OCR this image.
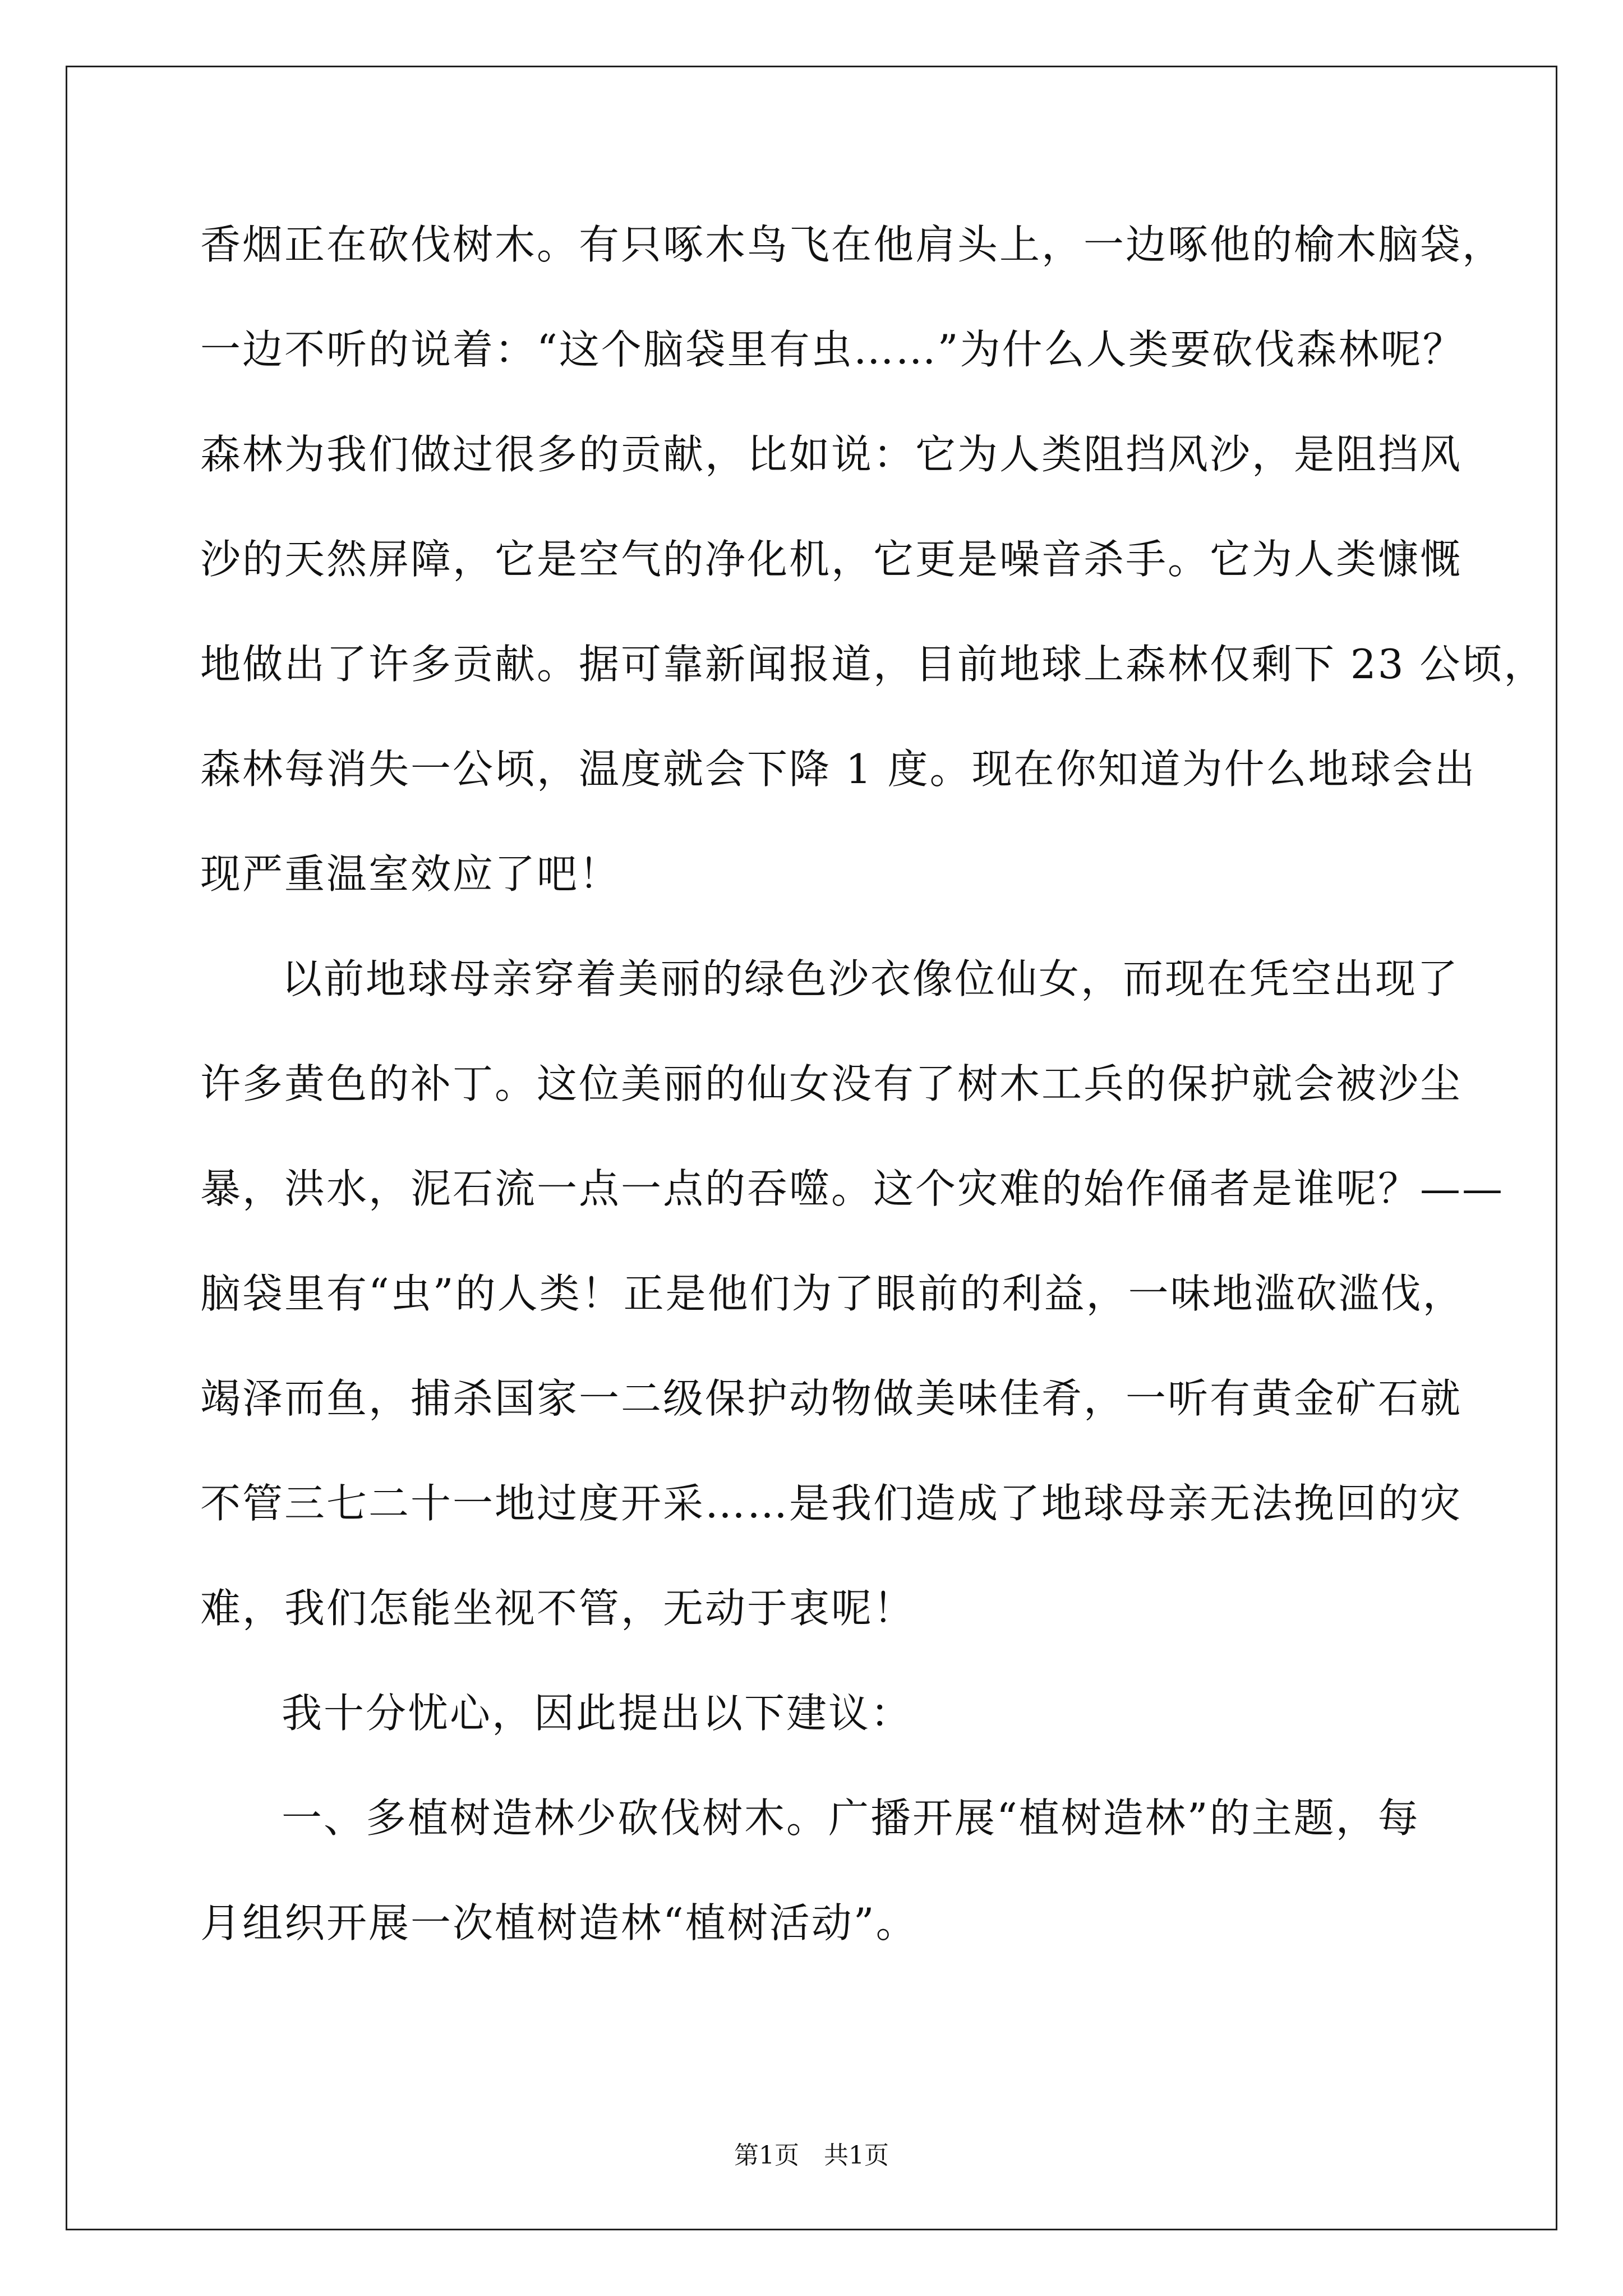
香烟正在砍伐树木。有只啄木鸟飞在他肩头上，一边啄他的榆木脑袋，
一边不听的说着：“这个脑袋里有虫……”为什么人类要砍伐森林呢？
森林为我们做过很多的贡献，比如说：它为人类阻挡风沙，是阻挡风
沙的天然屏障，它是空气的净化机，它更是噪音杀手。它为人类慷慨
地做出了许多贡献。据可靠新闻报道，目前地球上森林仅剩下 23 公顷，
森林每消失一公顷，温度就会下降 1 度。现在你知道为什么地球会出
现严重温室效应了吧！
以前地球母亲穿着美丽的绿色沙衣像位仙女，而现在凭空出现了
许多黄色的补丁。这位美丽的仙女没有了树木工兵的保护就会被沙尘
暴，洪水，泥石流一点一点的吞噬。这个灾难的始作俑者是谁呢？——
脑袋里有“虫”的人类！正是他们为了眼前的利益，一味地滥砍滥伐，
竭泽而鱼，捕杀国家一二级保护动物做美味佳肴，一听有黄金矿石就
不管三七二十一地过度开采……是我们造成了地球母亲无法挽回的灾
难，我们怎能坐视不管，无动于衷呢！
我十分忧心，因此提出以下建议：
一、多植树造林少砍伐树木。广播开展“植树造林”的主题，每
月组织开展一次植树造林“植树活动”。
第1页　共1页
